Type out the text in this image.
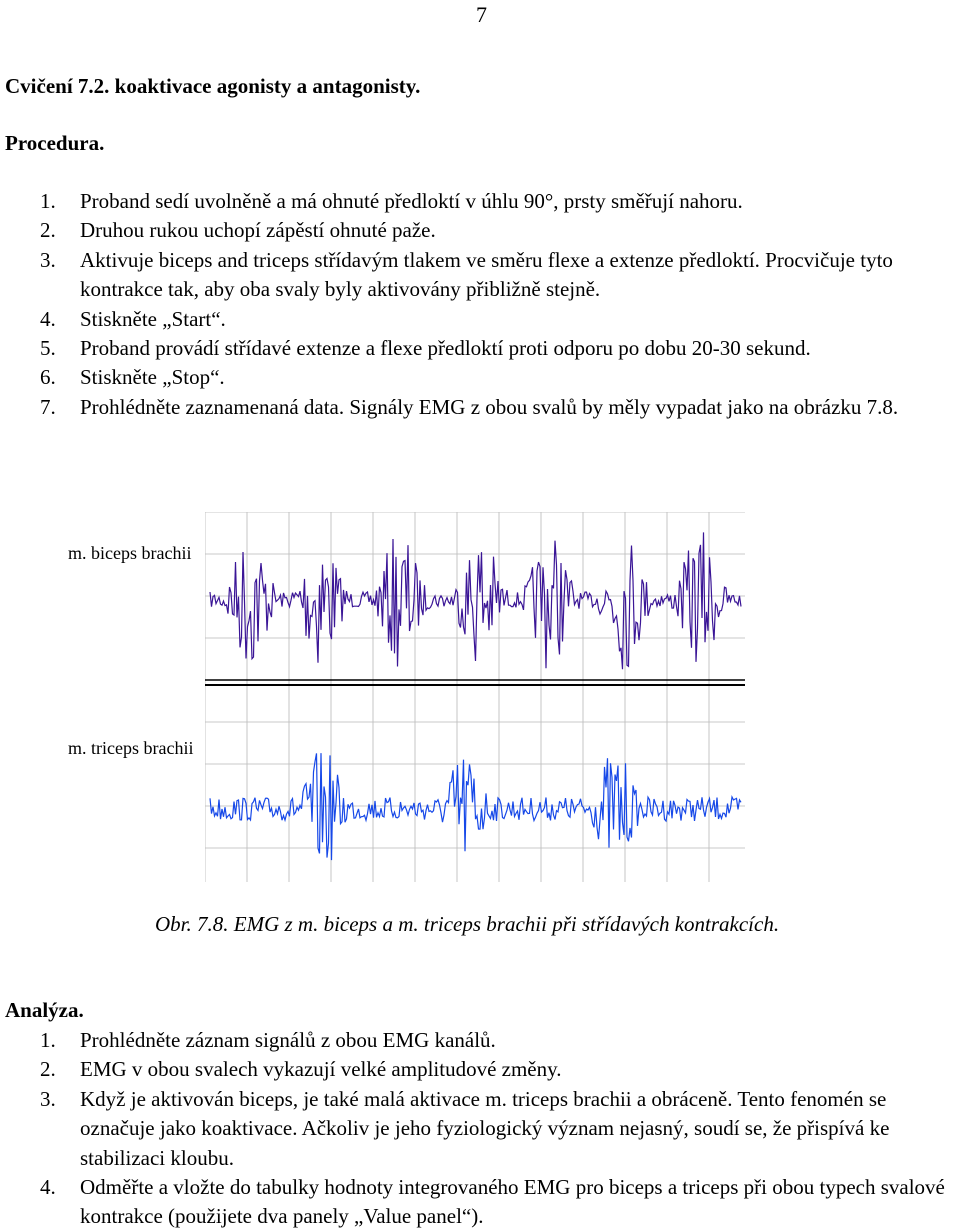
7
Cvičení 7.2. koaktivace agonisty a antagonisty.
Procedura.
1. Proband sedí uvolněně a má ohnuté předloktí v úhlu 90°, prsty směřují nahoru.
2. Druhou rukou uchopí zápěstí ohnuté paže.
3. Aktivuje biceps and triceps střídavým tlakem ve směru flexe a extenze předloktí. Procvičuje tyto kontrakce tak, aby oba svaly byly aktivovány přibližně stejně.
4. Stiskněte „Start“.
5. Proband provádí střídavé extenze a flexe předloktí proti odporu po dobu 20-30 sekund.
6. Stiskněte „Stop“.
7. Prohlédněte zaznamenaná data. Signály EMG z obou svalů by měly vypadat jako na obrázku 7.8.
m. biceps brachii
m. triceps brachii
Obr. 7.8. EMG z m. biceps a m. triceps brachii při střídavých kontrakcích.
Analýza.
1. Prohlédněte záznam signálů z obou EMG kanálů.
2. EMG v obou svalech vykazují velké amplitudové změny.
3. Když je aktivován biceps, je také malá aktivace m. triceps brachii a obráceně. Tento fenomén se označuje jako koaktivace. Ačkoliv je jeho fyziologický význam nejasný, soudí se, že přispívá ke stabilizaci kloubu.
4. Odměřte a vložte do tabulky hodnoty integrovaného EMG pro biceps a triceps při obou typech svalové kontrakce (použijete dva panely „Value panel“).
